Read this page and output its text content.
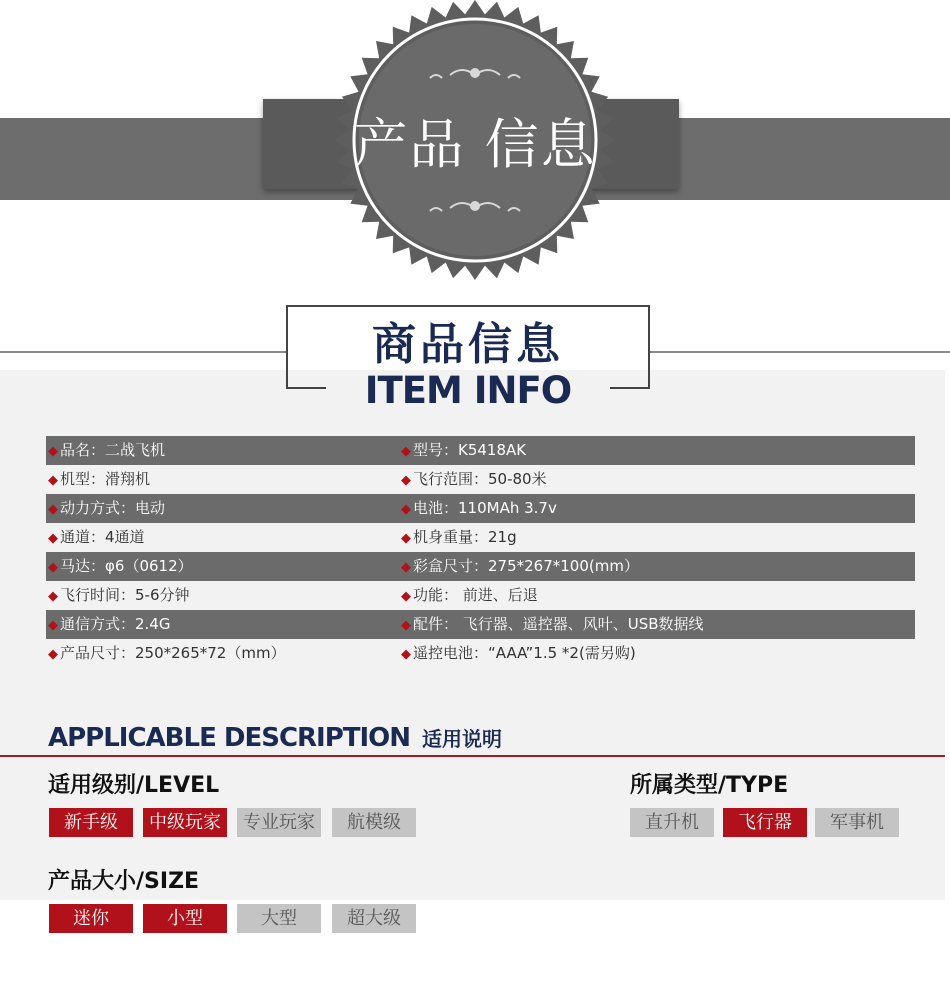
产品 信息
商品信息
ITEM INFO
◆ 品名：二战飞机	◆ 型号：K5418AK
◆ 机型：滑翔机	◆ 飞行范围：50-80米
◆ 动力方式：电动	◆ 电池：110MAh 3.7v
◆ 通道：4通道	◆ 机身重量：21g
◆ 马达：φ6（0612）	◆ 彩盒尺寸：275*267*100(mm）
◆ 飞行时间：5-6分钟	◆ 功能： 前进、后退
◆ 通信方式：2.4G	◆ 配件： 飞行器、遥控器、风叶、USB数据线
◆ 产品尺寸：250*265*72（mm）	◆ 遥控电池：“AAA”1.5 *2(需另购)
APPLICABLE DESCRIPTION 适用说明
适用级别/LEVEL	所属类型/TYPE
产品大小/SIZE
新手级	中级玩家	专业玩家	航模级	直升机	飞行器	军事机
迷你	小型	大型	超大级
